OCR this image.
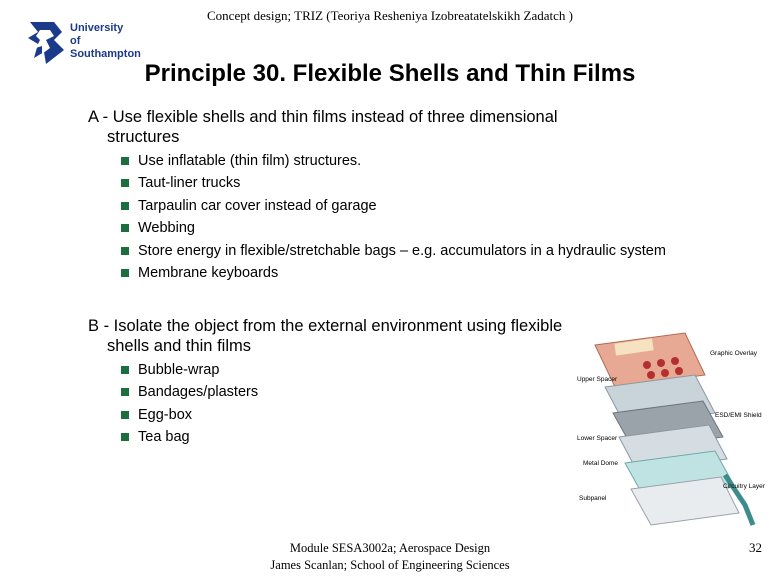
Concept design; TRIZ (Teoriya Resheniya Izobreatatelskikh Zadatch )
University
of Southampton
Principle 30. Flexible Shells and Thin Films
A - Use flexible shells and thin films instead of three dimensional
structures
Use inflatable (thin film) structures.
Taut-liner trucks
Tarpaulin car cover instead of garage
Webbing
Store energy in flexible/stretchable bags – e.g. accumulators in a hydraulic system
Membrane keyboards
B - Isolate the object from the external environment using flexible
shells and thin films
Bubble-wrap
Bandages/plasters
Egg-box
Tea bag
Graphic Overlay
Upper Spacer
ESD/EMI Shield
Lower Spacer
Metal Dome
Circuitry Layer
Subpanel
Module SESA3002a; Aerospace Design
James Scanlan; School of Engineering Sciences
32
